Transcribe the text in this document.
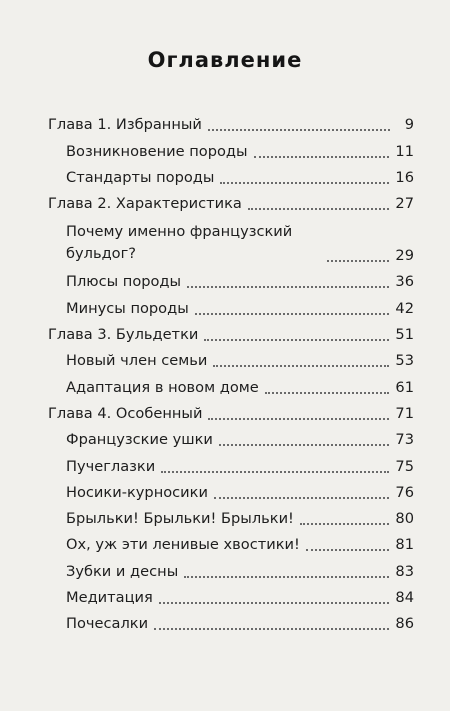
Оглавление
Глава 1. Избранный	9
Возникновение породы	11
Стандарты породы	16
Глава 2. Характеристика	27
Почему именно французский бульдог?	29
Плюсы породы	36
Минусы породы	42
Глава 3. Бульдетки	51
Новый член семьи	53
Адаптация в новом доме	61
Глава 4. Особенный	71
Французские ушки	73
Пучеглазки	75
Носики-курносики	76
Брыльки! Брыльки! Брыльки!	80
Ох, уж эти ленивые хвостики!	81
Зубки и десны	83
Медитация	84
Почесалки	86
